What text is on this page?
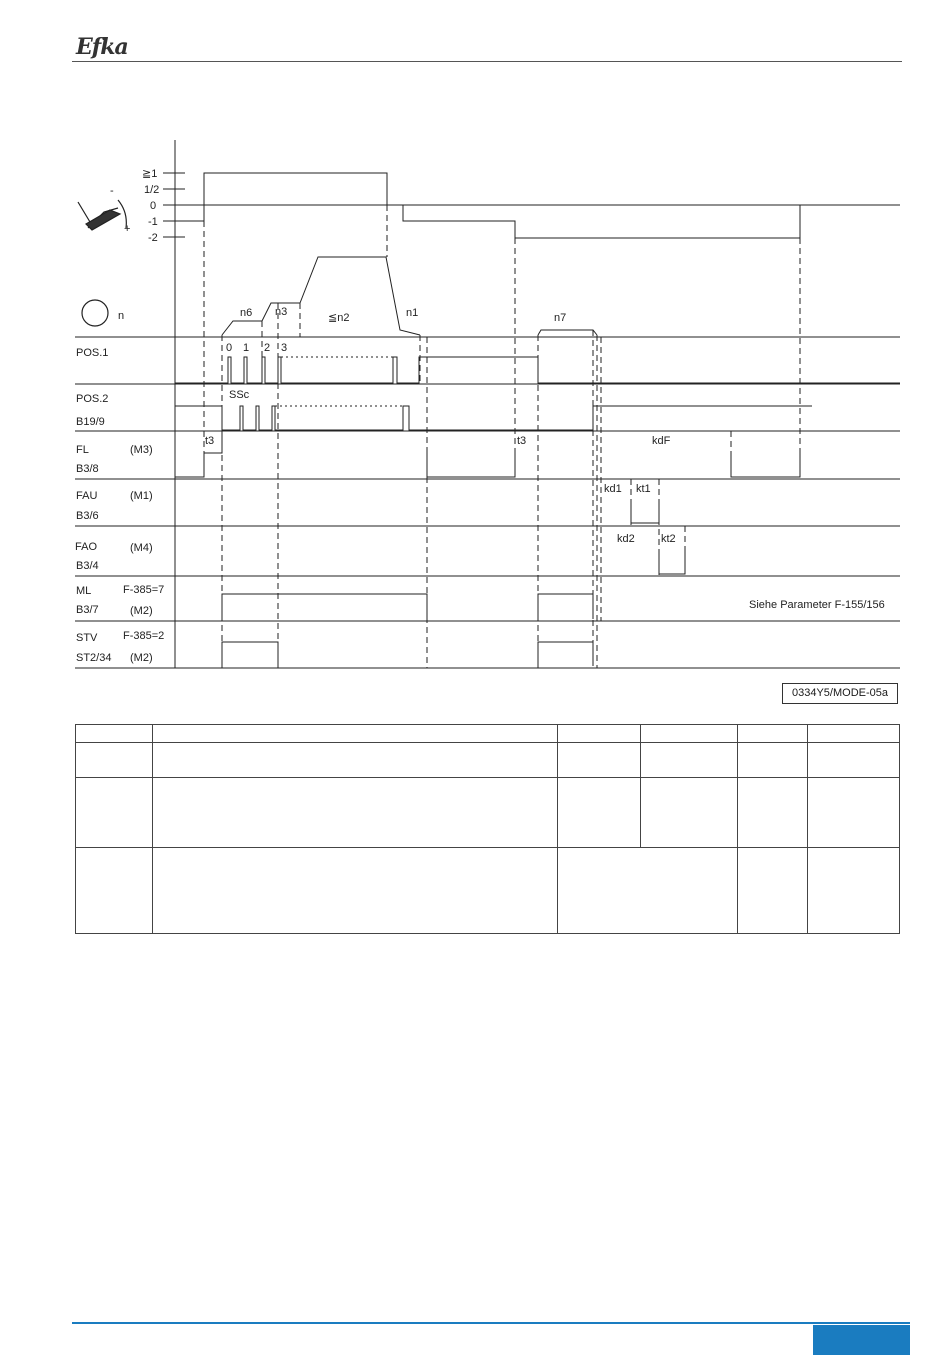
Efka
+
-
n
≧1
1/2
0
-1
-2
n6 n3	≦n2	n1	n7
POS.1
POS.2
B19/9
FL	(M3)
B3/8
FAU	(M1)
B3/6
FAO	(M4)
B3/4
ML	F-385=7
B3/7	(M2)
STV F-385=2
ST2/34 (M2)
0 1 2 3
SSc
t3	t3	kdF
kd1 kt1
kd2 kt2
Siehe Parameter F-155/156
0334Y5/MODE-05a
